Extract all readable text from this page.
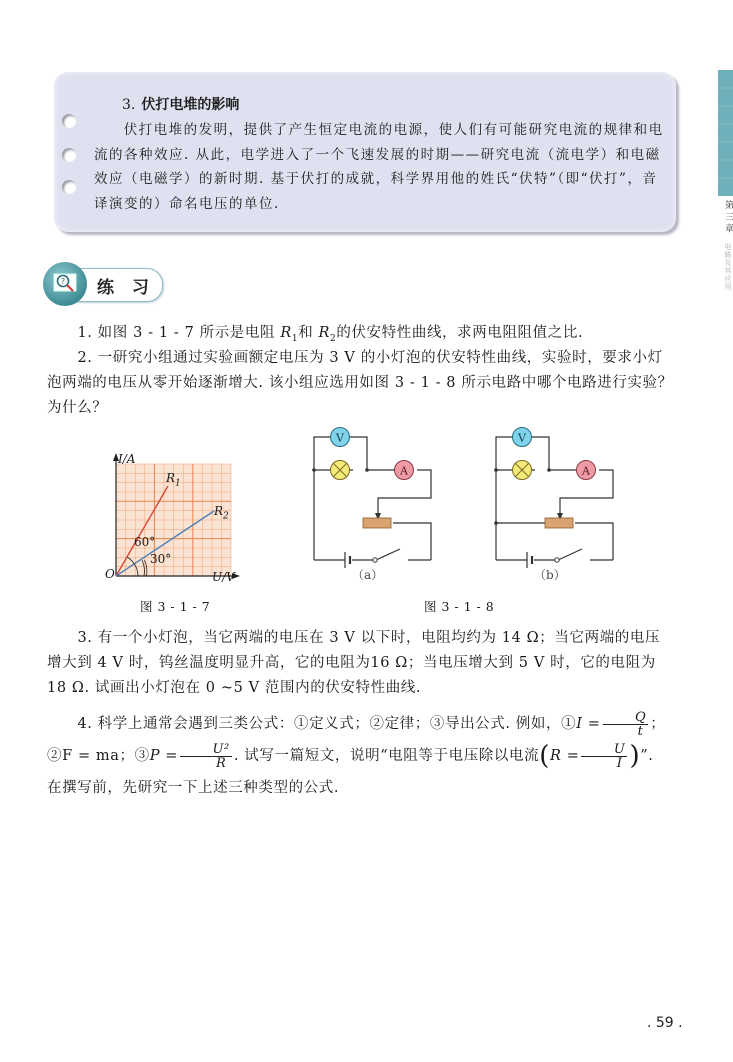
第 三 章 电路及其应用
3. 伏打电堆的影响

伏打电堆的发明，提供了产生恒定电流的电源，使人们有可能研究电流的规律和电流的各种效应. 从此，电学进入了一个飞速发展的时期——研究电流（流电学）和电磁效应（电磁学）的新时期. 基于伏打的成就，科学界用他的姓氏“伏特”（即“伏打”，音译演变的）命名电压的单位.

? 练 习

1. 如图 3 - 1 - 7 所示是电阻 $R_1$和 $R_2$的伏安特性曲线，求两电阻阻值之比.

2. 一研究小组通过实验画额定电压为 3 V 的小灯泡的伏安特性曲线，实验时，要求小灯泡两端的电压从零开始逐渐增大. 该小组应选用如图 3 - 1 - 8 所示电路中哪个电路进行实验？为什么？

I/A
$R_1$
$R_2$
60°
30°
O	U/V
图 3 - 1 - 7
V
A
V
A
（a）	（b）
图 3 - 1 - 8

3. 有一个小灯泡，当它两端的电压在 3 V 以下时，电阻均约为 14 Ω；当它两端的电压增大到 4 V 时，钨丝温度明显升高，它的电阻为16 Ω；当电压增大到 5 V 时，它的电阻为 18 Ω. 试画出小灯泡在 0 ~5 V 范围内的伏安特性曲线.

4. 科学上通常会遇到三类公式：①定义式；②定律；③导出公式. 例如，①I = $\frac{Q}{t}$ ；②F = ma；③P = $\frac{\text{U²}}{R}$ . 试写一篇短文，说明“电阻等于电压除以电流($R = \frac{U}{I}$ )”. 在撰写前，先研究一下上述三种类型的公式.

. 59 .
